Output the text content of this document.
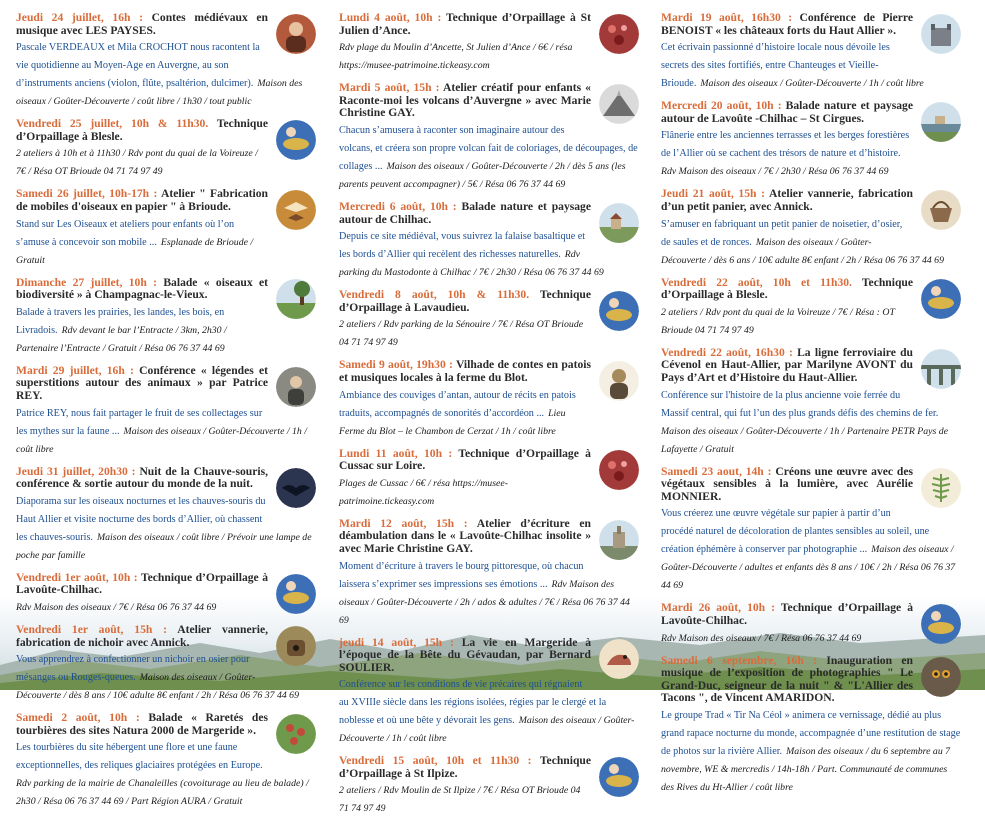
Jeudi 24 juillet, 16h : Contes médiévaux en musique avec LES PAYSES.
Pascale VERDEAUX et Mila CROCHOT nous racontent la vie quotidienne au Moyen-Age en Auvergne, au son d’instruments anciens (violon, flûte, psaltérion, dulcimer). Maison des oiseaux / Goûter-Découverte / coût libre / 1h30 / tout public
Vendredi 25 juillet, 10h & 11h30. Technique d’Orpaillage à Blesle.
2 ateliers à 10h et à 11h30 / Rdv pont du quai de la Voireuze / 7€ / Résa OT Brioude 04 71 74 97 49
Samedi 26 juillet, 10h-17h : Atelier " Fabrication de mobiles d'oiseaux en papier " à Brioude.
Stand sur Les Oiseaux et ateliers pour enfants où l’on s’amuse à concevoir son mobile ... Esplanade de Brioude / Gratuit
Dimanche 27 juillet, 10h : Balade « oiseaux et biodiversité » à Champagnac-le-Vieux.
Balade à travers les prairies, les landes, les bois, en Livradois. Rdv devant le bar l’Entracte / 3km, 2h30 / Partenaire l’Entracte / Gratuit / Résa 06 76 37 44 69
Mardi 29 juillet, 16h : Conférence « légendes et superstitions autour des animaux » par Patrice REY.
Patrice REY, nous fait partager le fruit de ses collectages sur les mythes sur la faune ... Maison des oiseaux / Goûter-Découverte / 1h / coût libre
Jeudi 31 juillet, 20h30 : Nuit de la Chauve-souris, conférence & sortie autour du monde de la nuit.
Diaporama sur les oiseaux nocturnes et les chauves-souris du Haut Allier et visite nocturne des bords d’Allier, où chassent les chauves-souris. Maison des oiseaux / coût libre / Prévoir une lampe de poche par famille
Vendredi 1er août, 10h : Technique d’Orpaillage à Lavoûte-Chilhac.
Rdv Maison des oiseaux / 7€ / Résa 06 76 37 44 69
Vendredi 1er août, 15h : Atelier vannerie, fabrication de nichoir avec Annick.
Vous apprendrez à confectionner un nichoir en osier pour mésanges ou Rouges-queues. Maison des oiseaux / Goûter-Découverte / dès 8 ans / 10€ adulte 8€ enfant / 2h / Résa 06 76 37 44 69
Samedi 2 août, 10h : Balade « Raretés des tourbières des sites Natura 2000 de Margeride ».
Les tourbières du site hébergent une flore et une faune exceptionnelles, des reliques glaciaires protégées en Europe. Rdv parking de la mairie de Chanaleilles (covoiturage au lieu de balade) / 2h30 / Résa 06 76 37 44 69 / Part Région AURA / Gratuit
Lundi 4 août, 10h : Technique d’Orpaillage à St Julien d’Ance.
Rdv plage du Moulin d’Ancette, St Julien d’Ance / 6€ / résa https://musee-patrimoine.tickeasy.com
Mardi 5 août, 15h : Atelier créatif pour enfants « Raconte-moi les volcans d’Auvergne » avec Marie Christine GAY.
Chacun s’amusera à raconter son imaginaire autour des volcans, et créera son propre volcan fait de coloriages, de découpages, de collages ... Maison des oiseaux / Goûter-Découverte / 2h / dès 5 ans (les parents peuvent accompagner) / 5€ / Résa 06 76 37 44 69
Mercredi 6 août, 10h : Balade nature et paysage autour de Chilhac.
Depuis ce site médiéval, vous suivrez la falaise basaltique et les bords d’Allier qui recèlent des richesses naturelles. Rdv parking du Mastodonte à Chilhac / 7€ / 2h30 / Résa 06 76 37 44 69
Vendredi 8 août, 10h & 11h30. Technique d’Orpaillage à Lavaudieu.
2 ateliers / Rdv parking de la Sénouire / 7€ / Résa OT Brioude 04 71 74 97 49
Samedi 9 août, 19h30 : Vilhade de contes en patois et musiques locales à la ferme du Blot.
Ambiance des couviges d’antan, autour de récits en patois traduits, accompagnés de sonorités d’accordéon ... Lieu Ferme du Blot – le Chambon de Cerzat / 1h / coût libre
Lundi 11 août, 10h : Technique d’Orpaillage à Cussac sur Loire.
Plages de Cussac / 6€ / résa https://musee-patrimoine.tickeasy.com
Mardi 12 août, 15h : Atelier d’écriture en déambulation dans le « Lavoûte-Chilhac insolite » avec Marie Christine GAY.
Moment d’écriture à travers le bourg pittoresque, où chacun laissera s’exprimer ses impressions ses émotions ... Rdv Maison des oiseaux / Goûter-Découverte / 2h / ados & adultes / 7€ / Résa 06 76 37 44 69
jeudi 14 août, 15h : La vie en Margeride à l’époque de la Bête du Gévaudan, par Bernard SOULIER.
Conférence sur les conditions de vie précaires qui régnaient au XVIIIe siècle dans les régions isolées, régies par le clergé et la noblesse et où une bête y dévorait les gens. Maison des oiseaux / Goûter-Découverte / 1h / coût libre
Vendredi 15 août, 10h et 11h30 : Technique d’Orpaillage à St Ilpize.
2 ateliers / Rdv Moulin de St Ilpize / 7€ / Résa OT Brioude 04 71 74 97 49
Mardi 19 août, 16h30 : Conférence de Pierre BENOIST « les châteaux forts du Haut Allier ».
Cet écrivain passionné d’histoire locale nous dévoile les secrets des sites fortifiés, entre Chanteuges et Vieille-Brioude. Maison des oiseaux / Goûter-Découverte / 1h / coût libre
Mercredi 20 août, 10h : Balade nature et paysage autour de Lavoûte -Chilhac – St Cirgues.
Flânerie entre les anciennes terrasses et les berges forestières de l’Allier où se cachent des trésors de nature et d’histoire. Rdv Maison des oiseaux / 7€ / 2h30 / Résa 06 76 37 44 69
Jeudi 21 août, 15h : Atelier vannerie, fabrication d’un petit panier, avec Annick.
S’amuser en fabriquant un petit panier de noisetier, d’osier, de saules et de ronces. Maison des oiseaux / Goûter-Découverte / dès 6 ans / 10€ adulte 8€ enfant / 2h / Résa 06 76 37 44 69
Vendredi 22 août, 10h et 11h30. Technique d’Orpaillage à Blesle.
2 ateliers / Rdv pont du quai de la Voireuze / 7€ / Résa : OT Brioude 04 71 74 97 49
Vendredi 22 août, 16h30 : La ligne ferroviaire du Cévenol en Haut-Allier, par Marilyne AVONT du Pays d’Art et d’Histoire du Haut-Allier.
Conférence sur l'histoire de la plus ancienne voie ferrée du Massif central, qui fut l’un des plus grands défis des chemins de fer. Maison des oiseaux / Goûter-Découverte / 1h / Partenaire PETR Pays de Lafayette / Gratuit
Samedi 23 aout, 14h : Créons une œuvre avec des végétaux sensibles à la lumière, avec Aurélie MONNIER.
Vous créerez une œuvre végétale sur papier à partir d’un procédé naturel de décoloration de plantes sensibles au soleil, une création éphémère à conserver par photographie ... Maison des oiseaux / Goûter-Découverte / adultes et enfants dès 8 ans / 10€ / 2h / Résa 06 76 37 44 69
Mardi 26 août, 10h : Technique d’Orpaillage à Lavoûte-Chilhac.
Rdv Maison des oiseaux / 7€ / Résa 06 76 37 44 69
Samedi 6 septembre, 16h : Inauguration en musique de l’exposition de photographies " Le Grand-Duc, seigneur de la nuit " & "L'Allier des Tacons ", de Vincent AMARIDON.
Le groupe Trad « Tir Na Céol » animera ce vernissage, dédié au plus grand rapace nocturne du monde, accompagnée d’une restitution de stage de photos sur la rivière Allier. Maison des oiseaux / du 6 septembre au 7 novembre, WE & mercredis / 14h-18h / Part. Communauté de communes des Rives du Ht-Allier / coût libre
